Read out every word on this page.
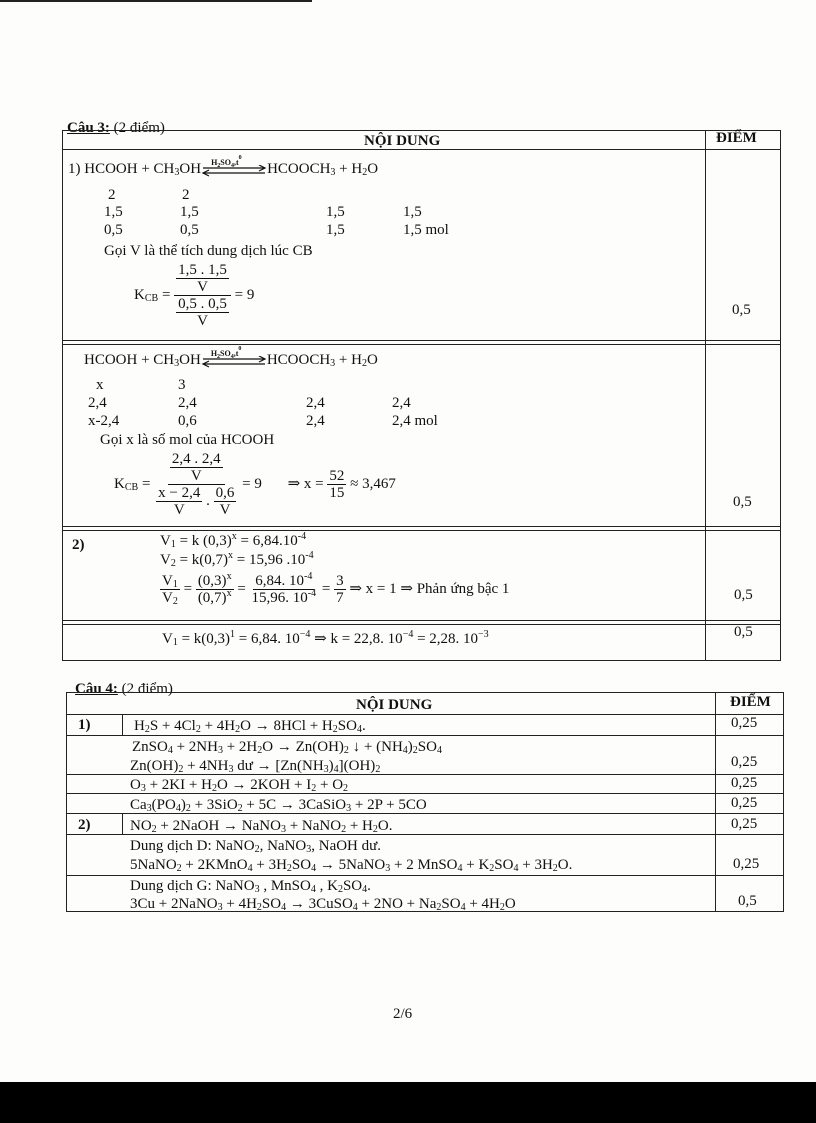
Câu 3: (2 điểm)
NỘI DUNG	ĐIỂM
1) HCOOH + $CH_3OH$ $H_2SO_4,t^0$
$HCOOCH_3 + H_2O$
2	2
1,5	1,5	1,5	1,5
0,5	0,5	1,5	1,5 mol
Gọi V là thể tích dung dịch lúc CB
$K_{CB} = \frac{\frac{1,5 . 1,5}{V}}{\frac{0,5 . 0,5}{V}} = 9$
0,5
HCOOH + $CH_3OH$ $H_2SO_4,t^0$
$HCOOCH_3 + H_2O$
x	3
2,4	2,4	2,4	2,4
x-2,4	0,6	2,4	2,4 mol
Gọi x là số mol của HCOOH
$K_{CB} = \frac{\frac{2,4 . 2,4}{V}}{\frac{x - 2,4}{V} . \frac{0,6}{V}} = 9$ ⇒ $x = \frac{52}{15} \approx 3,467$
0,5
2)	$V_1 = k$ $(0,3)^x = 6,84.10^{-4}$
$V_2 = k(0,7)^x = 15,96$ $.10^{-4}$
$\frac{V_1}{V_2} = \frac{(0,3)^x}{(0,7)^x} = \frac{6,84. 10^{-4}}{15,96. 10^{-4}} = \frac{3}{7}$ ⇒ x = 1 ⇒ Phản ứng bậc 1	0,5
$V_1 = k(0,3)^1 = 6,84$. $10^{-4}$ ⇒ k = 22,8. $10^{-4} = 2,28$. $10^{-3}$	0,5
Câu 4: (2 điểm)
NỘI DUNG	ĐIỂM
1)	$H_2S + 4Cl_2 + 4H_2O \to 8HCl + H_2SO_4$.	0,25
ZnSO$_4$ + $2NH_3 + 2H_2O \to Zn(OH)_2$ ↓ + $(NH_4)_2SO_4$
$Zn(OH)_2 + 4NH_3$ dư → $[Zn(NH_3)_4](OH)_2$	0,25
$O_3 + 2KI + H_2O \to 2KOH + I_2 + O_2$	0,25
$Ca_3(PO_4)_2 + 3SiO_2 + 5C$ → 3CaSiO$_3$ + 2P + 5CO	0,25
2)	$NO_2$ + 2NaOH → NaNO$_3$ + NaNO$_2$ + $H_2O$.	0,25
Dung dịch D: NaNO$_2$, NaNO$_3$, NaOH dư.
5NaNO$_2$ + 2KMnO$_4$ + $3H_2SO_4$ → 5NaNO$_3$ + 2 MnSO$_4$ + $K_2SO_4 + 3H_2O$.	0,25
Dung dịch G: NaNO$_3$ , MnSO$_4$ , $K_2SO_4$.
3Cu + 2NaNO$_3$ + $4H_2SO_4$ → 3CuSO$_4$ + $2NO + Na_2SO_4 + 4H_2O$	0,5
2/6
